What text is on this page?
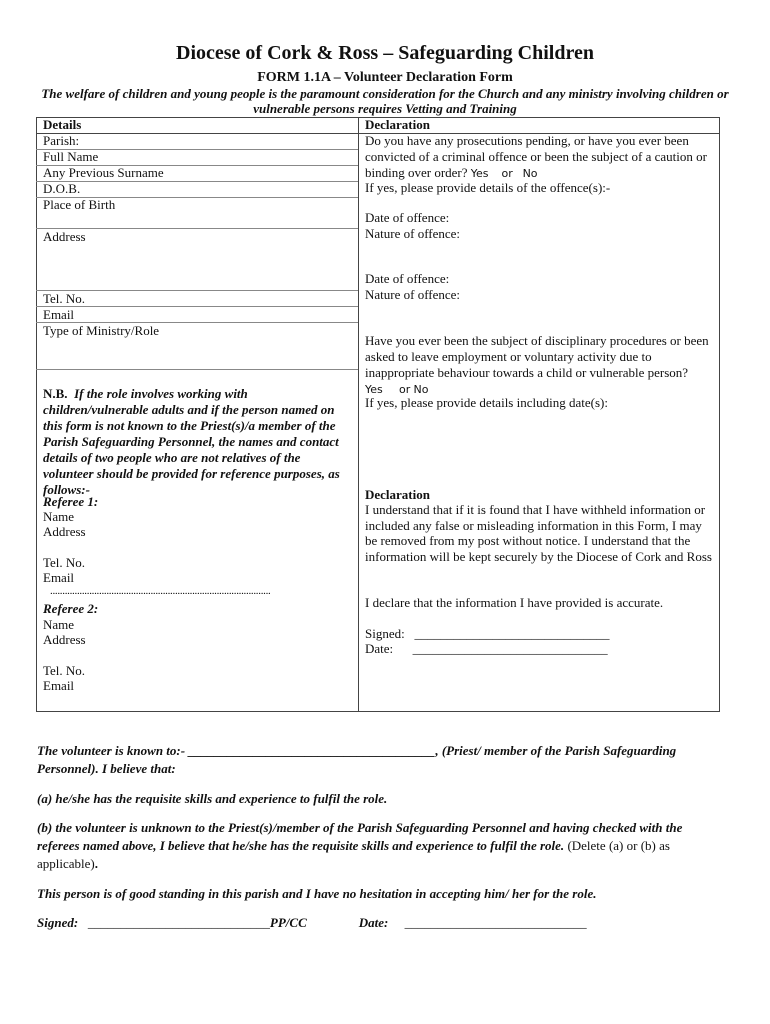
Diocese of Cork & Ross – Safeguarding Children
FORM 1.1A – Volunteer Declaration Form
The welfare of children and young people is the paramount consideration for the Church and any ministry involving children or vulnerable persons requires Vetting and Training
Details
Parish:
Full Name
Any Previous Surname
D.O.B.
Place of Birth
Address
Tel. No.
Email
Type of Ministry/Role
N.B. If the role involves working with children/vulnerable adults and if the person named on this form is not known to the Priest(s)/a member of the Parish Safeguarding Personnel, the names and contact details of two people who are not relatives of the volunteer should be provided for reference purposes, as follows:-
Referee 1:
Name
Address
Tel. No.
Email
..........................................................................................
Referee 2:
Name
Address
Tel. No.
Email
Declaration
Do you have any prosecutions pending, or have you ever been convicted of a criminal offence or been the subject of a caution or binding over order? Yes or No
If yes, please provide details of the offence(s):-
Date of offence:
Nature of offence:
Date of offence:
Nature of offence:
Have you ever been the subject of disciplinary procedures or been asked to leave employment or voluntary activity due to inappropriate behaviour towards a child or vulnerable person? Yes or No
If yes, please provide details including date(s):
Declaration
I understand that if it is found that I have withheld information or included any false or misleading information in this Form, I may be removed from my post without notice. I understand that the information will be kept securely by the Diocese of Cork and Ross
I declare that the information I have provided is accurate.
Signed: ______________________________
Date: ______________________________
The volunteer is known to:- ______________________________________, (Priest/ member of the Parish Safeguarding Personnel). I believe that:
(a) he/she has the requisite skills and experience to fulfil the role.
(b) the volunteer is unknown to the Priest(s)/member of the Parish Safeguarding Personnel and having checked with the referees named above, I believe that he/she has the requisite skills and experience to fulfil the role. (Delete (a) or (b) as applicable).
This person is of good standing in this parish and I have no hesitation in accepting him/ her for the role.
Signed: ____________________________PP/CC	Date: ____________________________
